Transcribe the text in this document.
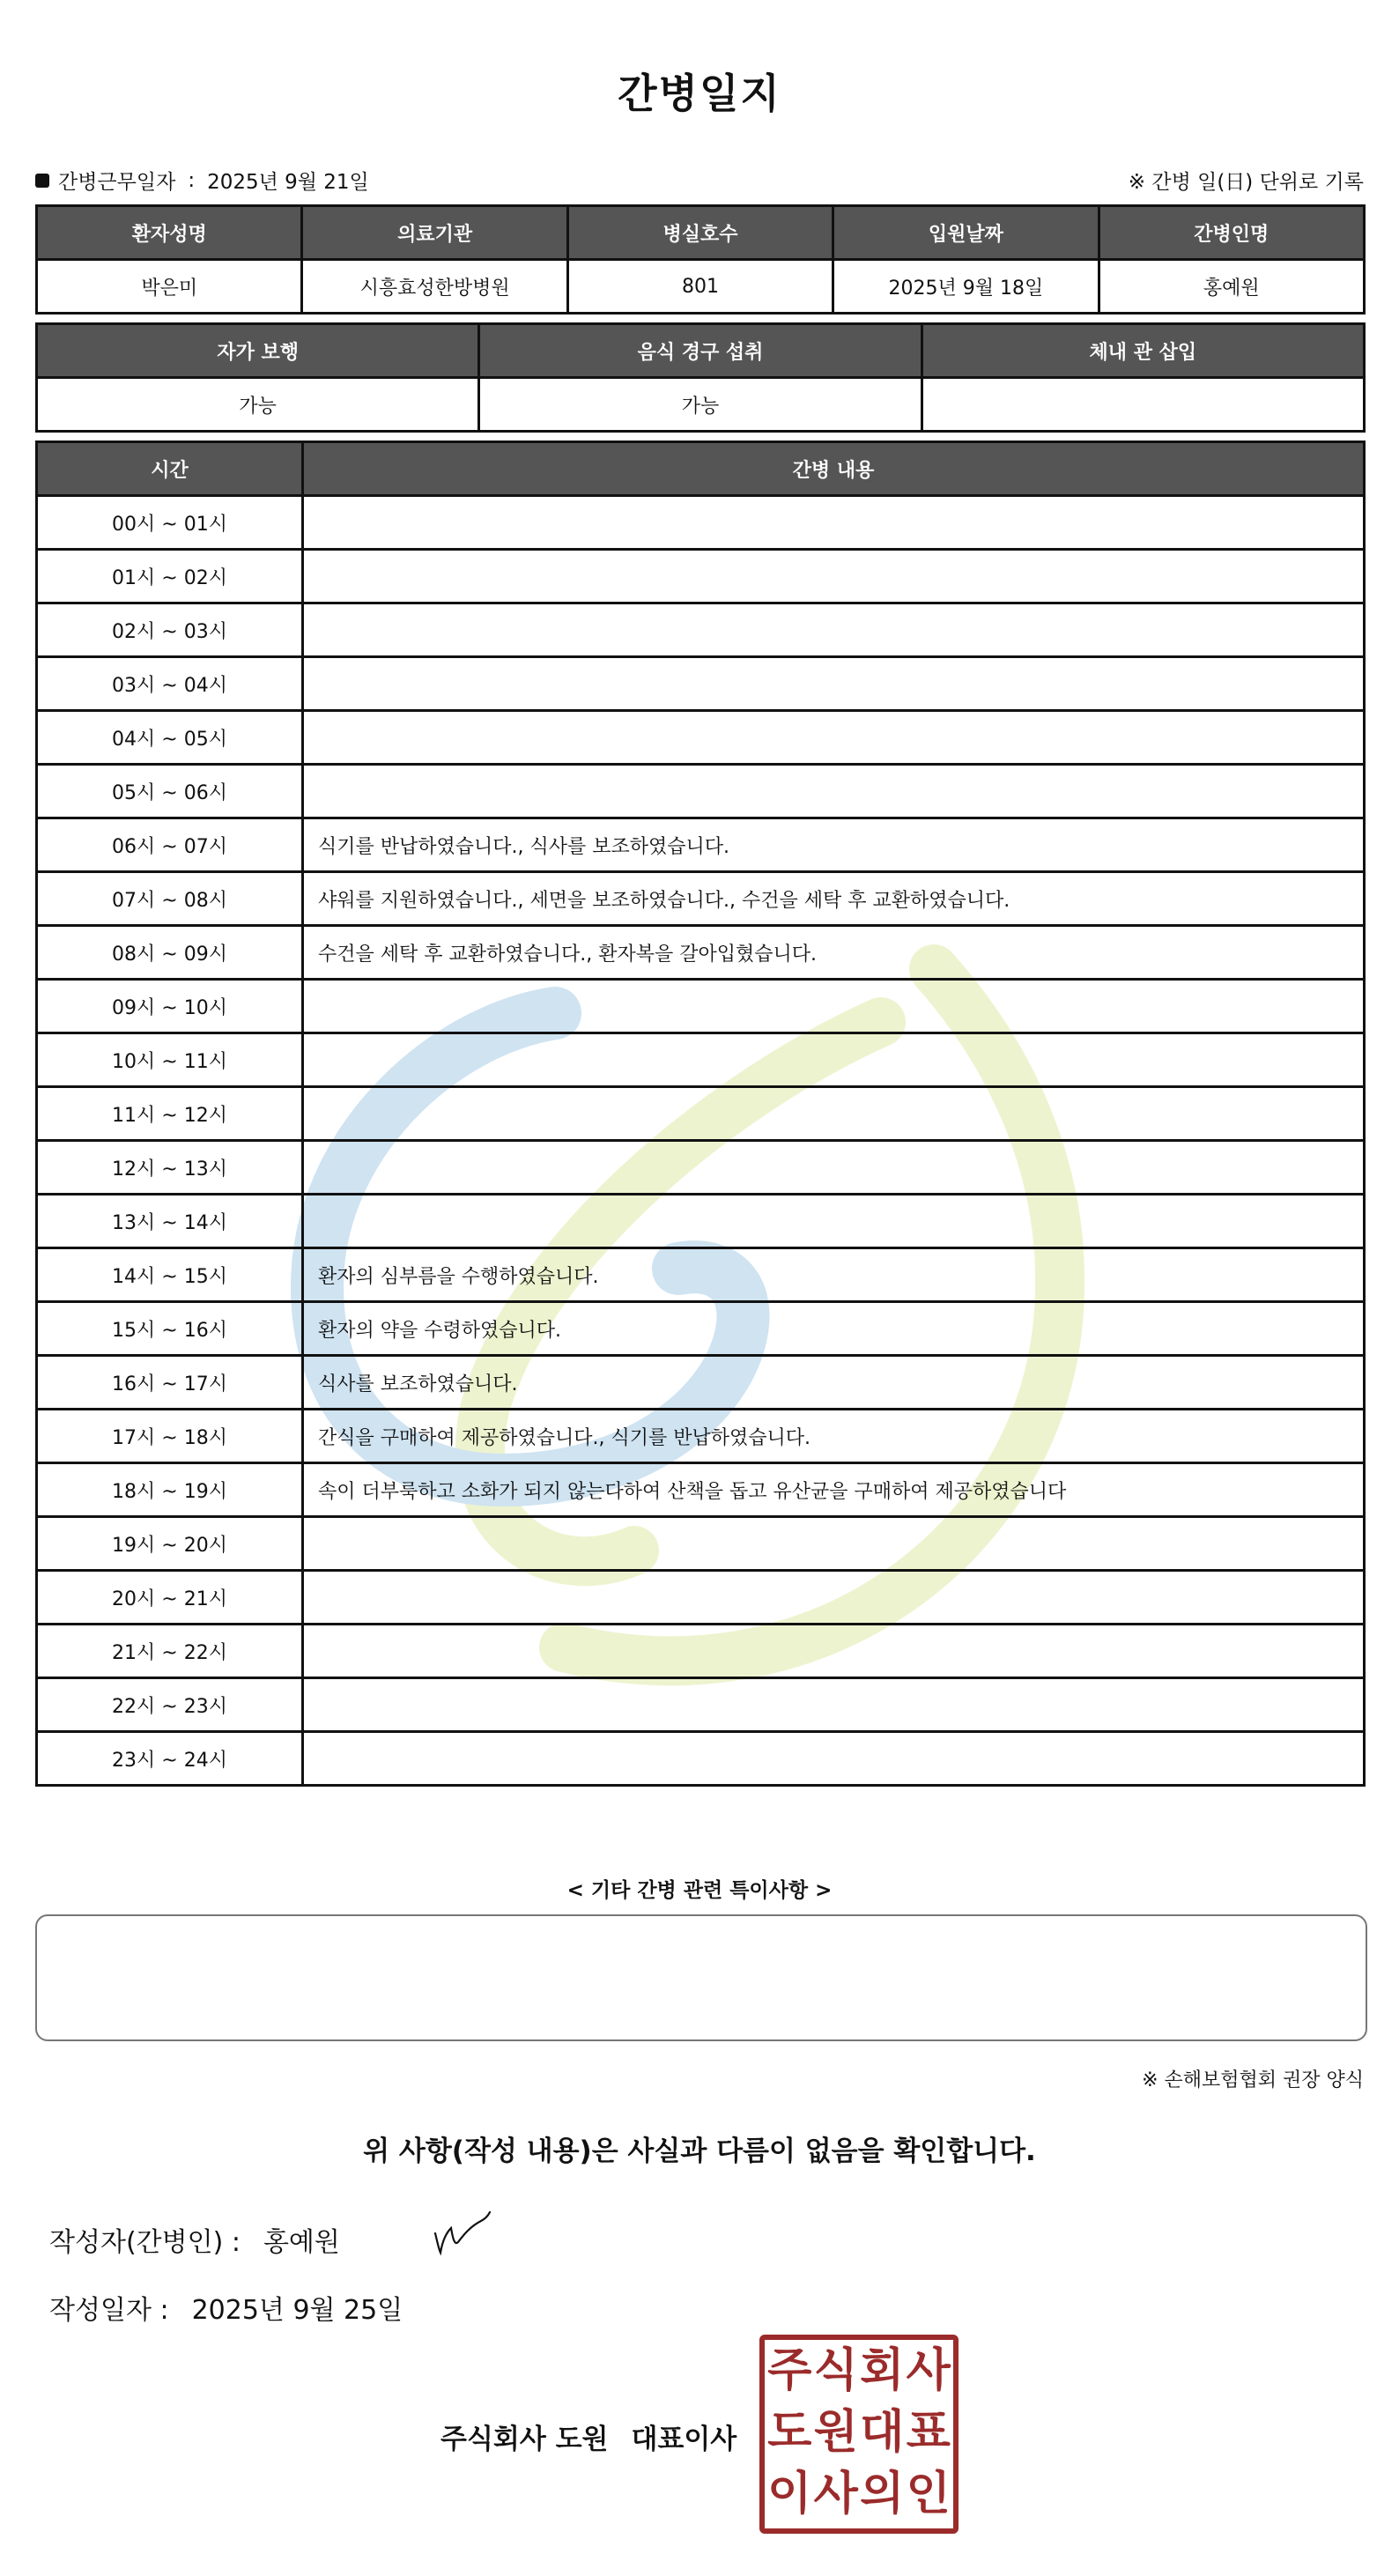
간병일지
간병근무일자 : 2025년 9월 21일	※ 간병 일(日) 단위로 기록
환자성명	의료기관	병실호수	입원날짜	간병인명
박은미	시흥효성한방병원	801	2025년 9월 18일	홍예원
자가 보행	음식 경구 섭취	체내 관 삽입
가능	가능	
시간	간병 내용
00시 ~ 01시	
01시 ~ 02시	
02시 ~ 03시	
03시 ~ 04시	
04시 ~ 05시	
05시 ~ 06시	
06시 ~ 07시	식기를 반납하였습니다., 식사를 보조하였습니다.
07시 ~ 08시	샤워를 지원하였습니다., 세면을 보조하였습니다., 수건을 세탁 후 교환하였습니다.
08시 ~ 09시	수건을 세탁 후 교환하였습니다., 환자복을 갈아입혔습니다.
09시 ~ 10시	
10시 ~ 11시	
11시 ~ 12시	
12시 ~ 13시	
13시 ~ 14시	
14시 ~ 15시	환자의 심부름을 수행하였습니다.
15시 ~ 16시	환자의 약을 수령하였습니다.
16시 ~ 17시	식사를 보조하였습니다.
17시 ~ 18시	간식을 구매하여 제공하였습니다., 식기를 반납하였습니다.
18시 ~ 19시	속이 더부룩하고 소화가 되지 않는다하여 산책을 돕고 유산균을 구매하여 제공하였습니다
19시 ~ 20시	
20시 ~ 21시	
21시 ~ 22시	
22시 ~ 23시	
23시 ~ 24시	
< 기타 간병 관련 특이사항 >
※ 손해보험협회 권장 양식
위 사항(작성 내용)은 사실과 다름이 없음을 확인합니다.
작성자(간병인) : 홍예원
작성일자 : 2025년 9월 25일
주식회사 도원 대표이사
주 식 회 사
도 원 대 표
이 사 의 인
